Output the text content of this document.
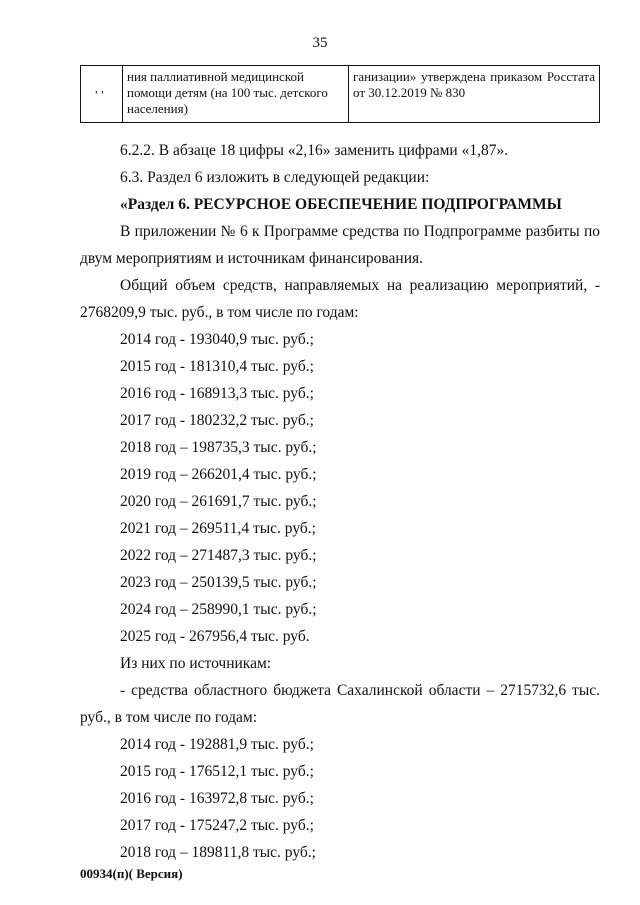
35
, ,
ния паллиативной медицинской помощи детям (на 100 тыс. детского населения)
ганизации» утверждена приказом Росстата от 30.12.2019 № 830
6.2.2. В абзаце 18 цифры «2,16» заменить цифрами «1,87».
6.3. Раздел 6 изложить в следующей редакции:
«Раздел 6. РЕСУРСНОЕ ОБЕСПЕЧЕНИЕ ПОДПРОГРАММЫ
В приложении № 6 к Программе средства по Подпрограмме разбиты по
двум мероприятиям и источникам финансирования.
Общий объем средств, направляемых на реализацию мероприятий, -
2768209,9 тыс. руб., в том числе по годам:
2014 год - 193040,9 тыс. руб.;
2015 год - 181310,4 тыс. руб.;
2016 год - 168913,3 тыс. руб.;
2017 год - 180232,2 тыс. руб.;
2018 год – 198735,3 тыс. руб.;
2019 год – 266201,4 тыс. руб.;
2020 год – 261691,7 тыс. руб.;
2021 год – 269511,4 тыс. руб.;
2022 год – 271487,3 тыс. руб.;
2023 год – 250139,5 тыс. руб.;
2024 год – 258990,1 тыс. руб.;
2025 год - 267956,4 тыс. руб.
Из них по источникам:
- средства областного бюджета Сахалинской области – 2715732,6 тыс.
руб., в том числе по годам:
2014 год - 192881,9 тыс. руб.;
2015 год - 176512,1 тыс. руб.;
2016 год - 163972,8 тыс. руб.;
2017 год - 175247,2 тыс. руб.;
2018 год – 189811,8 тыс. руб.;
00934(п)( Версия)
